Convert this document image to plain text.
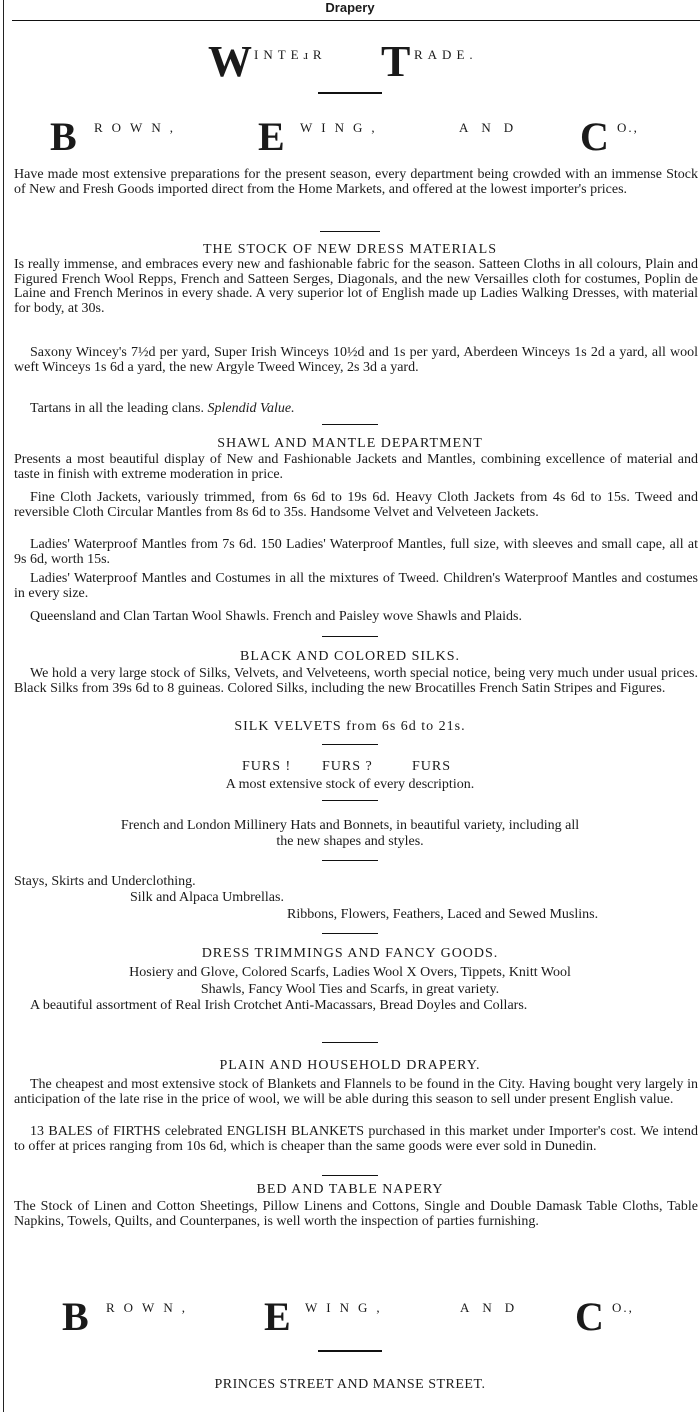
Drapery
W INTEɹR T RADE.
B ROWN, E WING,	AND C O.,
Have made most extensive preparations for the present season, every department being crowded with an immense Stock of New and Fresh Goods imported direct from the Home Markets, and offered at the lowest importer's prices.
THE STOCK OF NEW DRESS MATERIALS
Is really immense, and embraces every new and fashionable fabric for the season. Satteen Cloths in all colours, Plain and Figured French Wool Repps, French and Satteen Serges, Diagonals, and the new Versailles cloth for costumes, Poplin de Laine and French Merinos in every shade. A very superior lot of English made up Ladies Walking Dresses, with material for body, at 30s.
Saxony Wincey's 7½d per yard, Super Irish Winceys 10½d and 1s per yard, Aberdeen Winceys 1s 2d a yard, all wool weft Winceys 1s 6d a yard, the new Argyle Tweed Wincey, 2s 3d a yard.
Tartans in all the leading clans. Splendid Value.
SHAWL AND MANTLE DEPARTMENT
Presents a most beautiful display of New and Fashionable Jackets and Mantles, combining excellence of material and taste in finish with extreme moderation in price.
Fine Cloth Jackets, variously trimmed, from 6s 6d to 19s 6d. Heavy Cloth Jackets from 4s 6d to 15s. Tweed and reversible Cloth Circular Mantles from 8s 6d to 35s. Handsome Velvet and Velveteen Jackets.
Ladies' Waterproof Mantles from 7s 6d. 150 Ladies' Waterproof Mantles, full size, with sleeves and small cape, all at 9s 6d, worth 15s.
Ladies' Waterproof Mantles and Costumes in all the mixtures of Tweed. Children's Waterproof Mantles and costumes in every size.
Queensland and Clan Tartan Wool Shawls. French and Paisley wove Shawls and Plaids.
BLACK AND COLORED SILKS.
We hold a very large stock of Silks, Velvets, and Velveteens, worth special notice, being very much under usual prices. Black Silks from 39s 6d to 8 guineas. Colored Silks, including the new Brocatilles French Satin Stripes and Figures.
SILK VELVETS from 6s 6d to 21s.
FURS ! FURS ?	FURS
A most extensive stock of every description.
French and London Millinery Hats and Bonnets, in beautiful variety, including all
the new shapes and styles.
Stays, Skirts and Underclothing.
Silk and Alpaca Umbrellas.
Ribbons, Flowers, Feathers, Laced and Sewed Muslins.
DRESS TRIMMINGS AND FANCY GOODS.
Hosiery and Glove, Colored Scarfs, Ladies Wool X Overs, Tippets, Knitt Wool
Shawls, Fancy Wool Ties and Scarfs, in great variety.
A beautiful assortment of Real Irish Crotchet Anti-Macassars, Bread Doyles and Collars.
PLAIN AND HOUSEHOLD DRAPERY.
The cheapest and most extensive stock of Blankets and Flannels to be found in the City. Having bought very largely in anticipation of the late rise in the price of wool, we will be able during this season to sell under present English value.
13 BALES of FIRTHS celebrated ENGLISH BLANKETS purchased in this market under Importer's cost. We intend to offer at prices ranging from 10s 6d, which is cheaper than the same goods were ever sold in Dunedin.
BED AND TABLE NAPERY
The Stock of Linen and Cotton Sheetings, Pillow Linens and Cottons, Single and Double Damask Table Cloths, Table Napkins, Towels, Quilts, and Counterpanes, is well worth the inspection of parties furnishing.
B ROWN, E WING,	AND C O.,
PRINCES STREET AND MANSE STREET.
